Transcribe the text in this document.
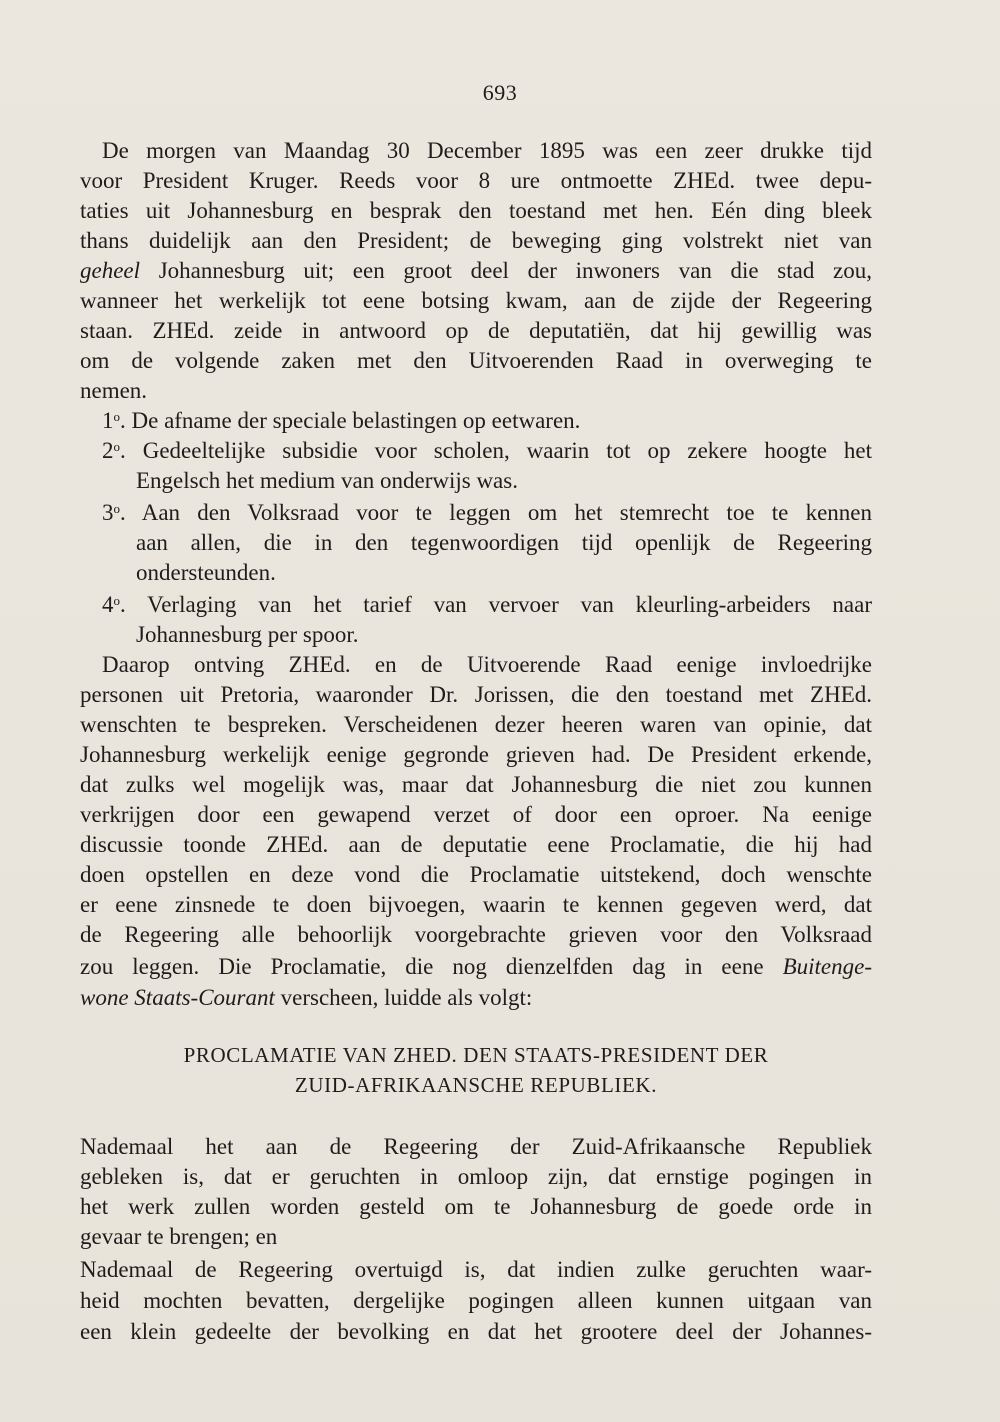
693
De morgen van Maandag 30 December 1895 was een zeer drukke tijd
voor President Kruger. Reeds voor 8 ure ontmoette ZHEd. twee depu-
taties uit Johannesburg en besprak den toestand met hen. Eén ding bleek
thans duidelijk aan den President; de beweging ging volstrekt niet van
geheel Johannesburg uit; een groot deel der inwoners van die stad zou,
wanneer het werkelijk tot eene botsing kwam, aan de zijde der Regeering
staan. ZHEd. zeide in antwoord op de deputatiën, dat hij gewillig was
om de volgende zaken met den Uitvoerenden Raad in overweging te
nemen.
1$^o$. De afname der speciale belastingen op eetwaren.
2$^o$. Gedeeltelijke subsidie voor scholen, waarin tot op zekere hoogte het
Engelsch het medium van onderwijs was.
3$^o$. Aan den Volksraad voor te leggen om het stemrecht toe te kennen
aan allen, die in den tegenwoordigen tijd openlijk de Regeering
ondersteunden.
4$^o$. Verlaging van het tarief van vervoer van kleurling-arbeiders naar
Johannesburg per spoor.
Daarop ontving ZHEd. en de Uitvoerende Raad eenige invloedrijke
personen uit Pretoria, waaronder Dr. Jorissen, die den toestand met ZHEd.
wenschten te bespreken. Verscheidenen dezer heeren waren van opinie, dat
Johannesburg werkelijk eenige gegronde grieven had. De President erkende,
dat zulks wel mogelijk was, maar dat Johannesburg die niet zou kunnen
verkrijgen door een gewapend verzet of door een oproer. Na eenige
discussie toonde ZHEd. aan de deputatie eene Proclamatie, die hij had
doen opstellen en deze vond die Proclamatie uitstekend, doch wenschte
er eene zinsnede te doen bijvoegen, waarin te kennen gegeven werd, dat
de Regeering alle behoorlijk voorgebrachte grieven voor den Volksraad
zou leggen. Die Proclamatie, die nog dienzelfden dag in eene Buitenge-
wone Staats-Courant verscheen, luidde als volgt:
PROCLAMATIE VAN ZHED. DEN STAATS-PRESIDENT DER
ZUID-AFRIKAANSCHE REPUBLIEK.
Nademaal het aan de Regeering der Zuid-Afrikaansche Republiek
gebleken is, dat er geruchten in omloop zijn, dat ernstige pogingen in
het werk zullen worden gesteld om te Johannesburg de goede orde in
gevaar te brengen; en
Nademaal de Regeering overtuigd is, dat indien zulke geruchten waar-
heid mochten bevatten, dergelijke pogingen alleen kunnen uitgaan van
een klein gedeelte der bevolking en dat het grootere deel der Johannes-
